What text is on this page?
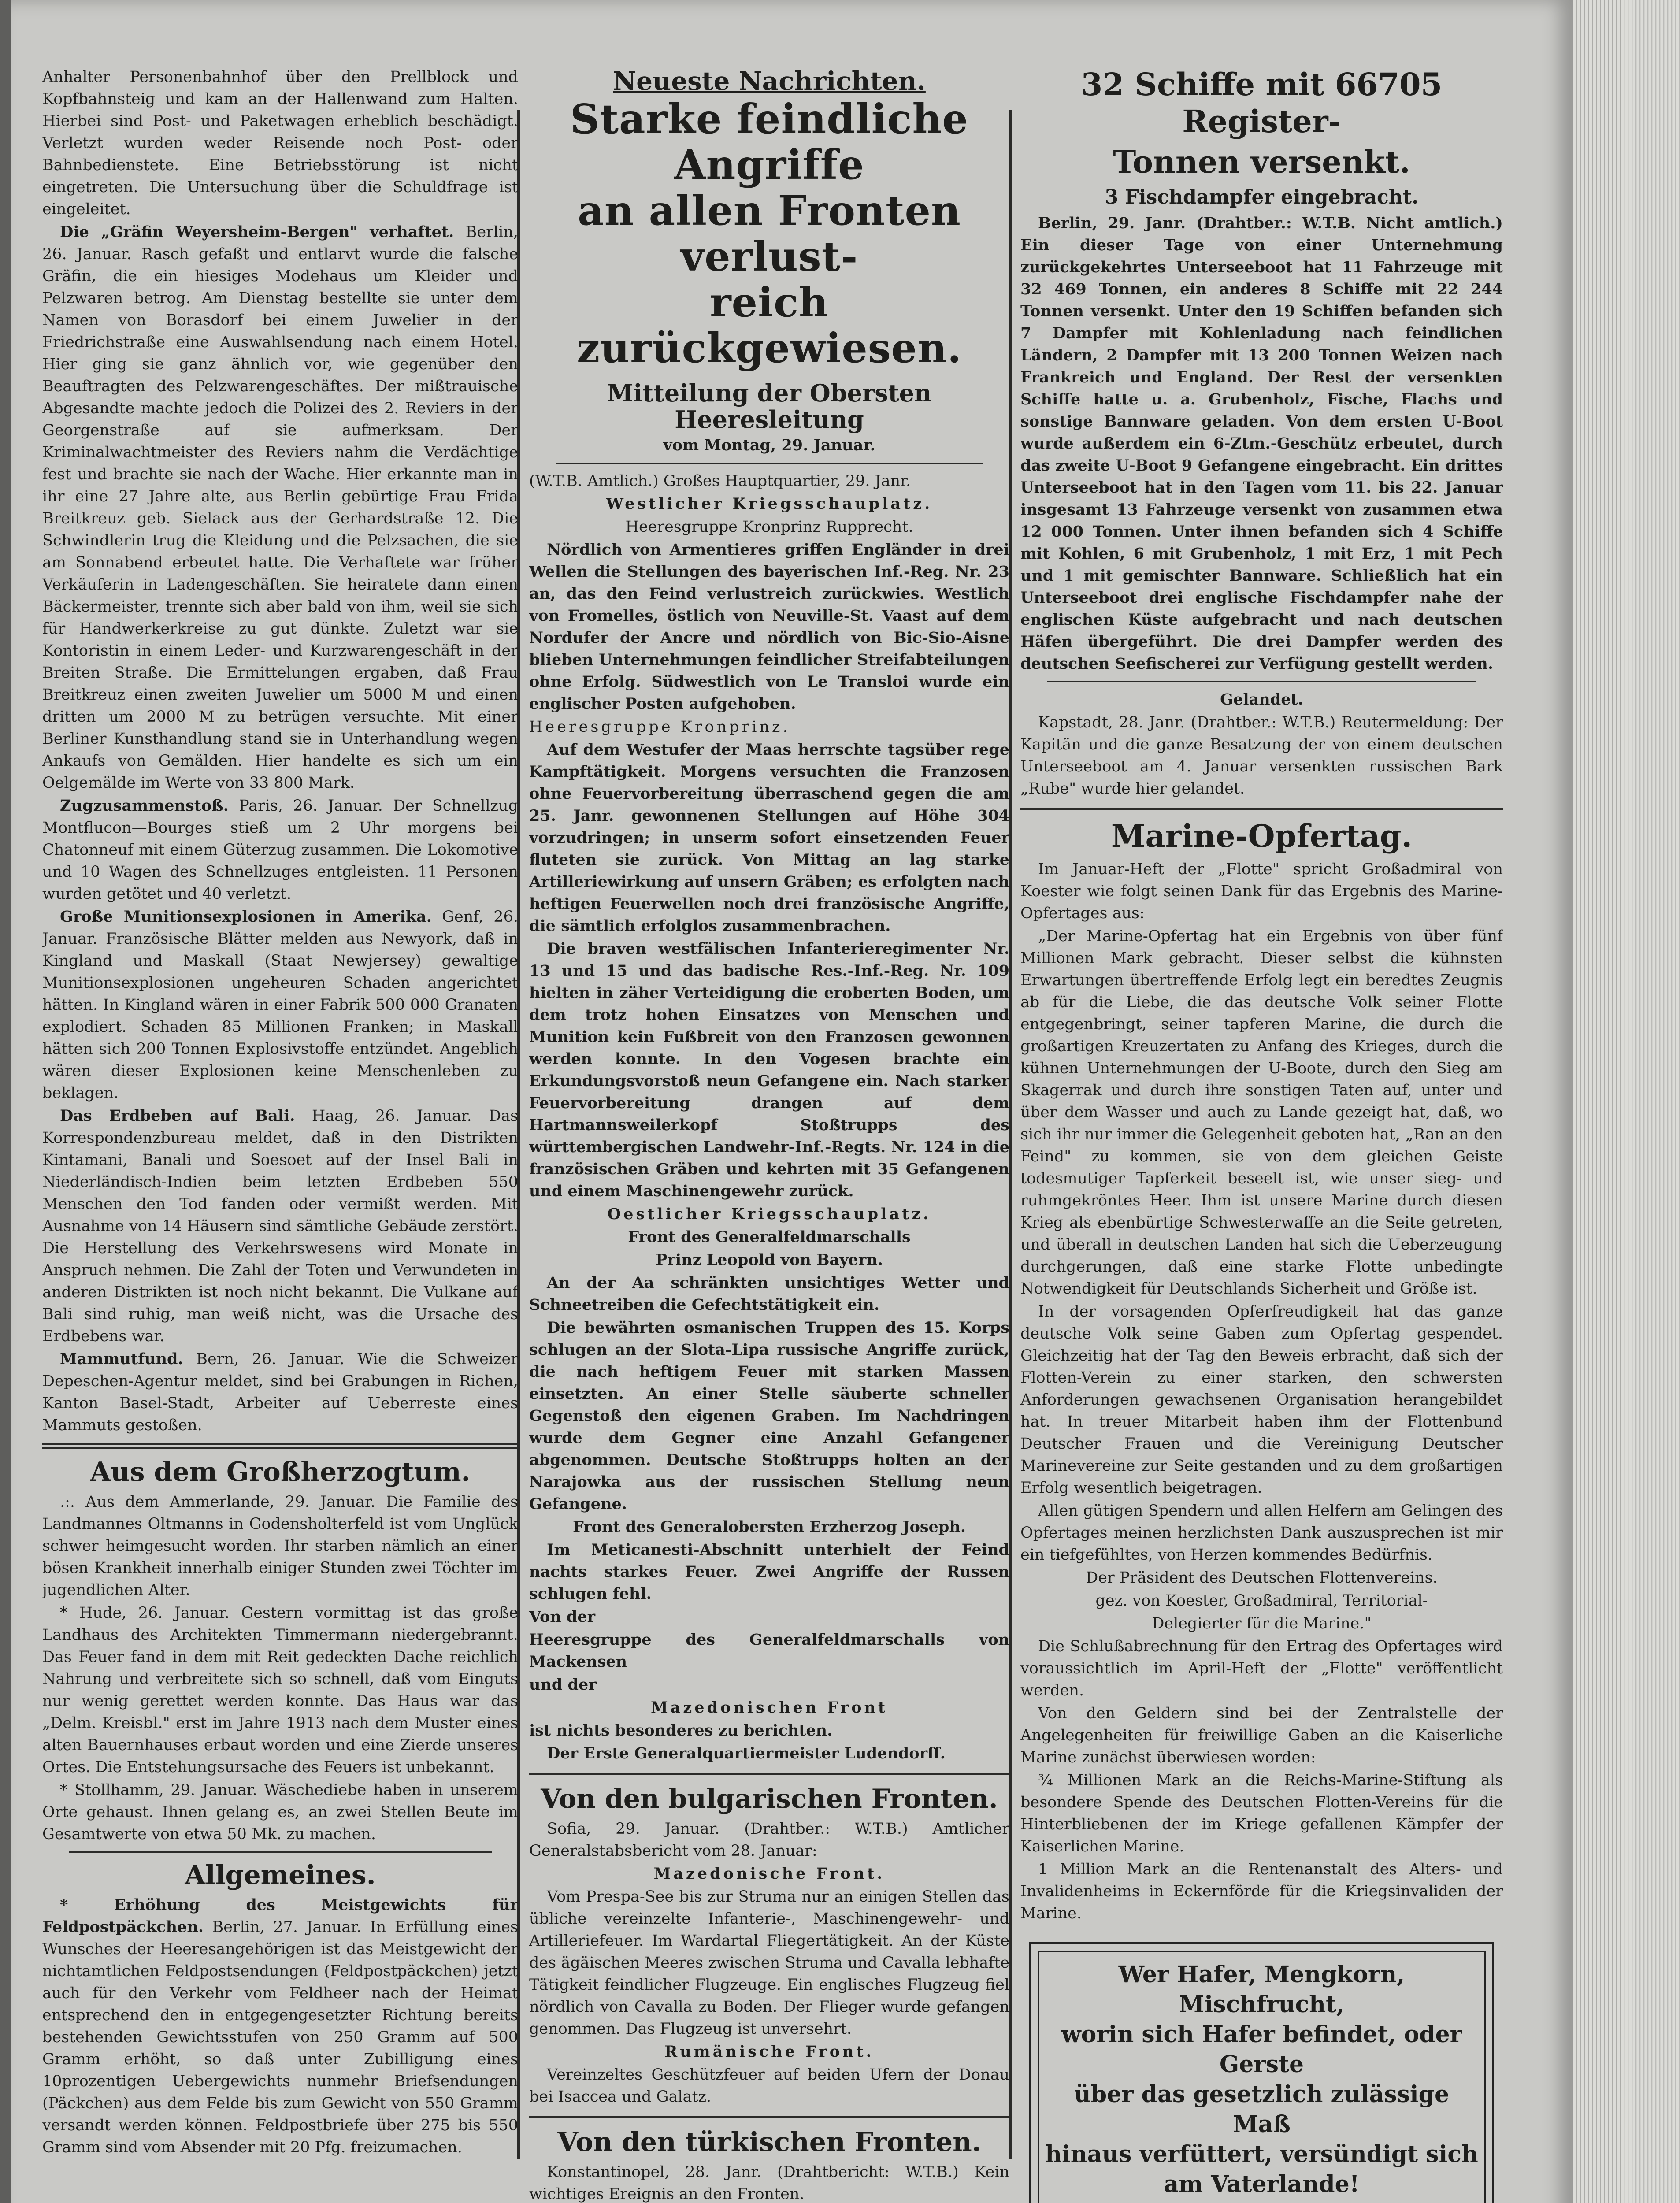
Anhalter Personenbahnhof über den Prellblock und Kopfbahnsteig und kam an der Hallenwand zum Halten. Hierbei sind Post- und Paketwagen erheblich beschädigt. Verletzt wurden weder Reisende noch Post- oder Bahnbedienstete. Eine Betriebsstörung ist nicht eingetreten. Die Untersuchung über die Schuldfrage ist eingeleitet.

Die „Gräfin Weyersheim-Bergen" verhaftet. Berlin, 26. Januar. Rasch gefaßt und entlarvt wurde die falsche Gräfin, die ein hiesiges Modehaus um Kleider und Pelzwaren betrog. Am Dienstag bestellte sie unter dem Namen von Borasdorf bei einem Juwelier in der Friedrichstraße eine Auswahlsendung nach einem Hotel. Hier ging sie ganz ähnlich vor, wie gegenüber den Beauftragten des Pelzwarengeschäftes. Der mißtrauische Abgesandte machte jedoch die Polizei des 2. Reviers in der Georgenstraße auf sie aufmerksam. Der Kriminalwachtmeister des Reviers nahm die Verdächtige fest und brachte sie nach der Wache. Hier erkannte man in ihr eine 27 Jahre alte, aus Berlin gebürtige Frau Frida Breitkreuz geb. Sielack aus der Gerhardstraße 12. Die Schwindlerin trug die Kleidung und die Pelzsachen, die sie am Sonnabend erbeutet hatte. Die Verhaftete war früher Verkäuferin in Ladengeschäften. Sie heiratete dann einen Bäckermeister, trennte sich aber bald von ihm, weil sie sich für Handwerkerkreise zu gut dünkte. Zuletzt war sie Kontoristin in einem Leder- und Kurzwarengeschäft in der Breiten Straße. Die Ermittelungen ergaben, daß Frau Breitkreuz einen zweiten Juwelier um 5000 M und einen dritten um 2000 M zu betrügen versuchte. Mit einer Berliner Kunsthandlung stand sie in Unterhandlung wegen Ankaufs von Gemälden. Hier handelte es sich um ein Oelgemälde im Werte von 33 800 Mark.

Zugzusammenstoß. Paris, 26. Januar. Der Schnellzug Montflucon—Bourges stieß um 2 Uhr morgens bei Chatonneuf mit einem Güterzug zusammen. Die Lokomotive und 10 Wagen des Schnellzuges entgleisten. 11 Personen wurden getötet und 40 verletzt.

Große Munitionsexplosionen in Amerika. Genf, 26. Januar. Französische Blätter melden aus Newyork, daß in Kingland und Maskall (Staat Newjersey) gewaltige Munitionsexplosionen ungeheuren Schaden angerichtet hätten. In Kingland wären in einer Fabrik 500 000 Granaten explodiert. Schaden 85 Millionen Franken; in Maskall hätten sich 200 Tonnen Explosivstoffe entzündet. Angeblich wären dieser Explosionen keine Menschenleben zu beklagen.

Das Erdbeben auf Bali. Haag, 26. Januar. Das Korrespondenzbureau meldet, daß in den Distrikten Kintamani, Banali und Soesoet auf der Insel Bali in Niederländisch-Indien beim letzten Erdbeben 550 Menschen den Tod fanden oder vermißt werden. Mit Ausnahme von 14 Häusern sind sämtliche Gebäude zerstört. Die Herstellung des Verkehrswesens wird Monate in Anspruch nehmen. Die Zahl der Toten und Verwundeten in anderen Distrikten ist noch nicht bekannt. Die Vulkane auf Bali sind ruhig, man weiß nicht, was die Ursache des Erdbebens war.

Mammutfund. Bern, 26. Januar. Wie die Schweizer Depeschen-Agentur meldet, sind bei Grabungen in Richen, Kanton Basel-Stadt, Arbeiter auf Ueberreste eines Mammuts gestoßen.

Aus dem Großherzogtum.

.:. Aus dem Ammerlande, 29. Januar. Die Familie des Landmannes Oltmanns in Godensholterfeld ist vom Unglück schwer heimgesucht worden. Ihr starben nämlich an einer bösen Krankheit innerhalb einiger Stunden zwei Töchter im jugendlichen Alter.

* Hude, 26. Januar. Gestern vormittag ist das große Landhaus des Architekten Timmermann niedergebrannt. Das Feuer fand in dem mit Reit gedeckten Dache reichlich Nahrung und verbreitete sich so schnell, daß vom Einguts nur wenig gerettet werden konnte. Das Haus war das „Delm. Kreisbl." erst im Jahre 1913 nach dem Muster eines alten Bauernhauses erbaut worden und eine Zierde unseres Ortes. Die Entstehungsursache des Feuers ist unbekannt.

* Stollhamm, 29. Januar. Wäschediebe haben in unserem Orte gehaust. Ihnen gelang es, an zwei Stellen Beute im Gesamtwerte von etwa 50 Mk. zu machen.

Allgemeines.

* Erhöhung des Meistgewichts für Feldpostpäckchen. Berlin, 27. Januar. In Erfüllung eines Wunsches der Heeresangehörigen ist das Meistgewicht der nichtamtlichen Feldpostsendungen (Feldpostpäckchen) jetzt auch für den Verkehr vom Feldheer nach der Heimat entsprechend den in entgegengesetzter Richtung bereits bestehenden Gewichtsstufen von 250 Gramm auf 500 Gramm erhöht, so daß unter Zubilligung eines 10prozentigen Uebergewichts nunmehr Briefsendungen (Päckchen) aus dem Felde bis zum Gewicht von 550 Gramm versandt werden können. Feldpostbriefe über 275 bis 550 Gramm sind vom Absender mit 20 Pfg. freizumachen.

Neueste Nachrichten.

Starke feindliche Angriffe

an allen Fronten verlust-

reich zurückgewiesen.

Mitteilung der Obersten Heeresleitung

vom Montag, 29. Januar.

(W.T.B. Amtlich.) Großes Hauptquartier, 29. Janr.

Westlicher Kriegsschauplatz.

Heeresgruppe Kronprinz Rupprecht.

Nördlich von Armentieres griffen Engländer in drei Wellen die Stellungen des bayerischen Inf.-Reg. Nr. 23 an, das den Feind verlustreich zurückwies. Westlich von Fromelles, östlich von Neuville-St. Vaast auf dem Nordufer der Ancre und nördlich von Bic-Sio-Aisne blieben Unternehmungen feindlicher Streifabteilungen ohne Erfolg. Südwestlich von Le Transloi wurde ein englischer Posten aufgehoben.

Heeresgruppe Kronprinz.

Auf dem Westufer der Maas herrschte tagsüber rege Kampftätigkeit. Morgens versuchten die Franzosen ohne Feuervorbereitung überraschend gegen die am 25. Janr. gewonnenen Stellungen auf Höhe 304 vorzudringen; in unserm sofort einsetzenden Feuer fluteten sie zurück. Von Mittag an lag starke Artilleriewirkung auf unsern Gräben; es erfolgten nach heftigen Feuerwellen noch drei französische Angriffe, die sämtlich erfolglos zusammenbrachen.

Die braven westfälischen Infanterieregimenter Nr. 13 und 15 und das badische Res.-Inf.-Reg. Nr. 109 hielten in zäher Verteidigung die eroberten Boden, um dem trotz hohen Einsatzes von Menschen und Munition kein Fußbreit von den Franzosen gewonnen werden konnte. In den Vogesen brachte ein Erkundungsvorstoß neun Gefangene ein. Nach starker Feuervorbereitung drangen auf dem Hartmannsweilerkopf Stoßtrupps des württembergischen Landwehr-Inf.-Regts. Nr. 124 in die französischen Gräben und kehrten mit 35 Gefangenen und einem Maschinengewehr zurück.

Oestlicher Kriegsschauplatz.

Front des Generalfeldmarschalls

Prinz Leopold von Bayern.

An der Aa schränkten unsichtiges Wetter und Schneetreiben die Gefechtstätigkeit ein.

Die bewährten osmanischen Truppen des 15. Korps schlugen an der Slota-Lipa russische Angriffe zurück, die nach heftigem Feuer mit starken Massen einsetzten. An einer Stelle säuberte schneller Gegenstoß den eigenen Graben. Im Nachdringen wurde dem Gegner eine Anzahl Gefangener abgenommen. Deutsche Stoßtrupps holten an der Narajowka aus der russischen Stellung neun Gefangene.

Front des Generalobersten Erzherzog Joseph.

Im Meticanesti-Abschnitt unterhielt der Feind nachts starkes Feuer. Zwei Angriffe der Russen schlugen fehl.

Von der

Heeresgruppe des Generalfeldmarschalls von Mackensen

und der

Mazedonischen Front

ist nichts besonderes zu berichten.

Der Erste Generalquartiermeister Ludendorff.

Von den bulgarischen Fronten.

Sofia, 29. Januar. (Drahtber.: W.T.B.) Amtlicher Generalstabsbericht vom 28. Januar:

Mazedonische Front.

Vom Prespa-See bis zur Struma nur an einigen Stellen das übliche vereinzelte Infanterie-, Maschinengewehr- und Artilleriefeuer. Im Wardartal Fliegertätigkeit. An der Küste des ägäischen Meeres zwischen Struma und Cavalla lebhafte Tätigkeit feindlicher Flugzeuge. Ein englisches Flugzeug fiel nördlich von Cavalla zu Boden. Der Flieger wurde gefangen genommen. Das Flugzeug ist unversehrt.

Rumänische Front.

Vereinzeltes Geschützfeuer auf beiden Ufern der Donau bei Isaccea und Galatz.

Von den türkischen Fronten.

Konstantinopel, 28. Janr. (Drahtbericht: W.T.B.) Kein wichtiges Ereignis an den Fronten.

32 Schiffe mit 66705 Register-

Tonnen versenkt.

3 Fischdampfer eingebracht.

Berlin, 29. Janr. (Drahtber.: W.T.B. Nicht amtlich.) Ein dieser Tage von einer Unternehmung zurückgekehrtes Unterseeboot hat 11 Fahrzeuge mit 32 469 Tonnen, ein anderes 8 Schiffe mit 22 244 Tonnen versenkt. Unter den 19 Schiffen befanden sich 7 Dampfer mit Kohlenladung nach feindlichen Ländern, 2 Dampfer mit 13 200 Tonnen Weizen nach Frankreich und England. Der Rest der versenkten Schiffe hatte u. a. Grubenholz, Fische, Flachs und sonstige Bannware geladen. Von dem ersten U-Boot wurde außerdem ein 6-Ztm.-Geschütz erbeutet, durch das zweite U-Boot 9 Gefangene eingebracht. Ein drittes Unterseeboot hat in den Tagen vom 11. bis 22. Januar insgesamt 13 Fahrzeuge versenkt von zusammen etwa 12 000 Tonnen. Unter ihnen befanden sich 4 Schiffe mit Kohlen, 6 mit Grubenholz, 1 mit Erz, 1 mit Pech und 1 mit gemischter Bannware. Schließlich hat ein Unterseeboot drei englische Fischdampfer nahe der englischen Küste aufgebracht und nach deutschen Häfen übergeführt. Die drei Dampfer werden des deutschen Seefischerei zur Verfügung gestellt werden.

Gelandet.

Kapstadt, 28. Janr. (Drahtber.: W.T.B.) Reutermeldung: Der Kapitän und die ganze Besatzung der von einem deutschen Unterseeboot am 4. Januar versenkten russischen Bark „Rube" wurde hier gelandet.

Marine-Opfertag.

Im Januar-Heft der „Flotte" spricht Großadmiral von Koester wie folgt seinen Dank für das Ergebnis des Marine-Opfertages aus:

„Der Marine-Opfertag hat ein Ergebnis von über fünf Millionen Mark gebracht. Dieser selbst die kühnsten Erwartungen übertreffende Erfolg legt ein beredtes Zeugnis ab für die Liebe, die das deutsche Volk seiner Flotte entgegenbringt, seiner tapferen Marine, die durch die großartigen Kreuzertaten zu Anfang des Krieges, durch die kühnen Unternehmungen der U-Boote, durch den Sieg am Skagerrak und durch ihre sonstigen Taten auf, unter und über dem Wasser und auch zu Lande gezeigt hat, daß, wo sich ihr nur immer die Gelegenheit geboten hat, „Ran an den Feind" zu kommen, sie von dem gleichen Geiste todesmutiger Tapferkeit beseelt ist, wie unser sieg- und ruhmgekröntes Heer. Ihm ist unsere Marine durch diesen Krieg als ebenbürtige Schwesterwaffe an die Seite getreten, und überall in deutschen Landen hat sich die Ueberzeugung durchgerungen, daß eine starke Flotte unbedingte Notwendigkeit für Deutschlands Sicherheit und Größe ist.

In der vorsagenden Opferfreudigkeit hat das ganze deutsche Volk seine Gaben zum Opfertag gespendet. Gleichzeitig hat der Tag den Beweis erbracht, daß sich der Flotten-Verein zu einer starken, den schwersten Anforderungen gewachsenen Organisation herangebildet hat. In treuer Mitarbeit haben ihm der Flottenbund Deutscher Frauen und die Vereinigung Deutscher Marinevereine zur Seite gestanden und zu dem großartigen Erfolg wesentlich beigetragen.

Allen gütigen Spendern und allen Helfern am Gelingen des Opfertages meinen herzlichsten Dank auszusprechen ist mir ein tiefgefühltes, von Herzen kommendes Bedürfnis.

Der Präsident des Deutschen Flottenvereins.

gez. von Koester, Großadmiral, Territorial-

Delegierter für die Marine."

Die Schlußabrechnung für den Ertrag des Opfertages wird voraussichtlich im April-Heft der „Flotte" veröffentlicht werden.

Von den Geldern sind bei der Zentralstelle der Angelegenheiten für freiwillige Gaben an die Kaiserliche Marine zunächst überwiesen worden:

¾ Millionen Mark an die Reichs-Marine-Stiftung als besondere Spende des Deutschen Flotten-Vereins für die Hinterbliebenen der im Kriege gefallenen Kämpfer der Kaiserlichen Marine.

1 Million Mark an die Rentenanstalt des Alters- und Invalidenheims in Eckernförde für die Kriegsinvaliden der Marine.

Wer Hafer, Mengkorn, Mischfrucht,

worin sich Hafer befindet, oder Gerste

über das gesetzlich zulässige Maß

hinaus verfüttert, versündigt sich

am Vaterlande!
